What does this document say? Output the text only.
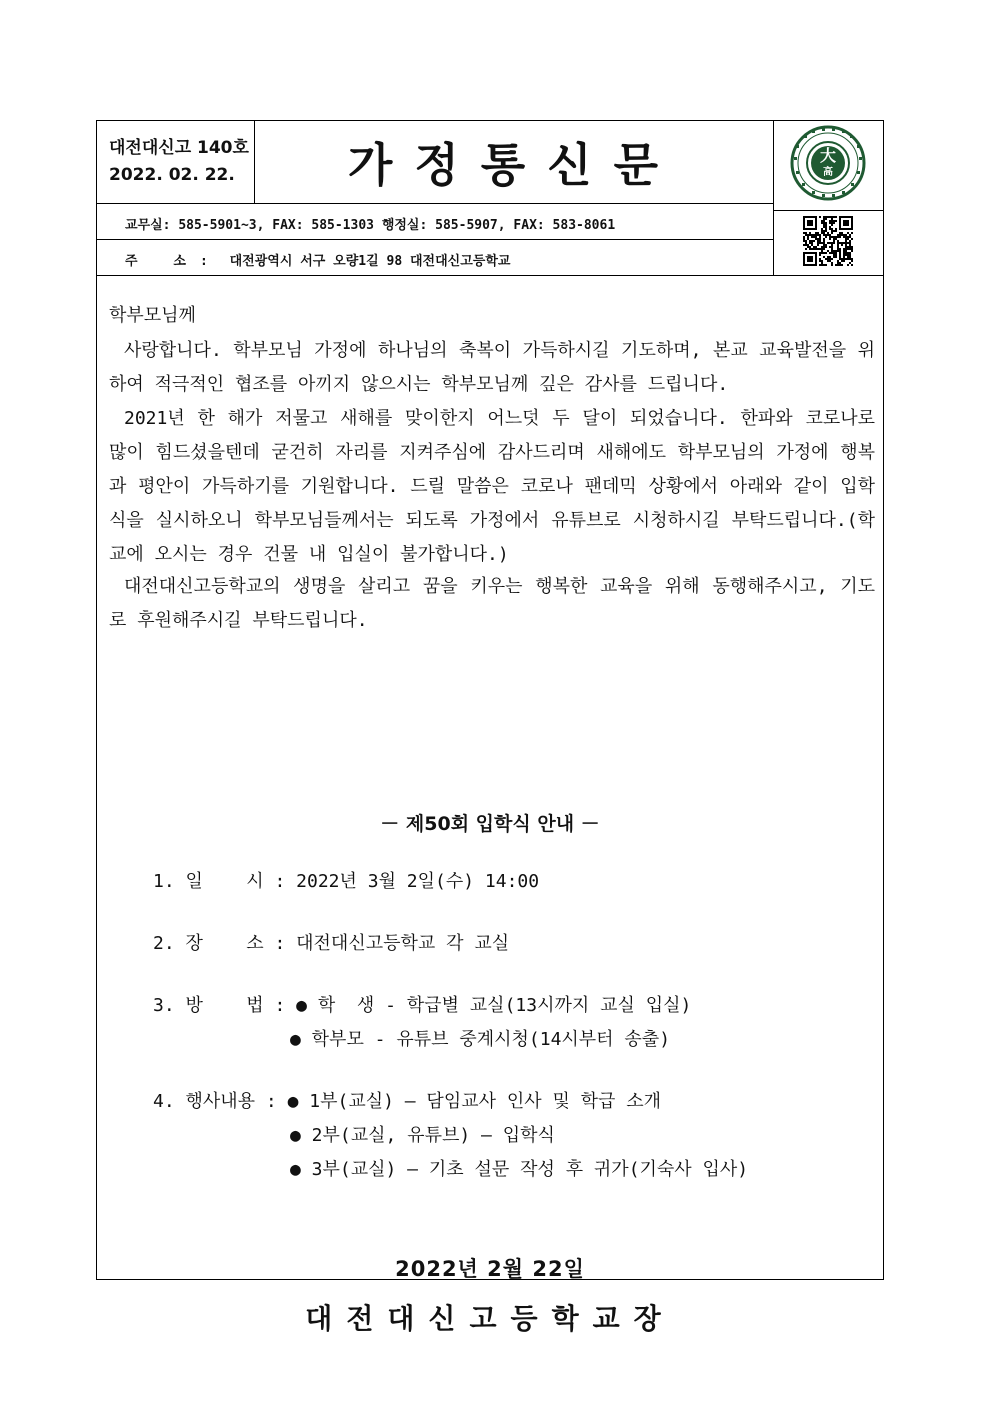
대전대신고 140호
2022. 02. 22.	가정통신문	大
高
교무실: 585-5901~3, FAX: 585-1303 행정실: 585-5907, FAX: 583-8061
주 소: 대전광역시 서구 오량1길 98 대전대신고등학교
학부모님께
사랑합니다. 학부모님 가정에 하나님의 축복이 가득하시길 기도하며, 본교 교육발전을 위하여 적극적인 협조를 아끼지 않으시는 학부모님께 깊은 감사를 드립니다.
2021년 한 해가 저물고 새해를 맞이한지 어느덧 두 달이 되었습니다. 한파와 코로나로 많이 힘드셨을텐데 굳건히 자리를 지켜주심에 감사드리며 새해에도 학부모님의 가정에 행복과 평안이 가득하기를 기원합니다. 드릴 말씀은 코로나 팬데믹 상황에서 아래와 같이 입학식을 실시하오니 학부모님들께서는 되도록 가정에서 유튜브로 시청하시길 부탁드립니다.(학교에 오시는 경우 건물 내 입실이 불가합니다.)
대전대신고등학교의 생명을 살리고 꿈을 키우는 행복한 교육을 위해 동행해주시고, 기도로 후원해주시길 부탁드립니다.
－ 제50회 입학식 안내 －
1. 일    시 : 2022년 3월 2일(수) 14:00
2. 장    소 : 대전대신고등학교 각 교실
3. 방    법 : ● 학  생 - 학급별 교실(13시까지 교실 입실)
● 학부모 - 유튜브 중계시청(14시부터 송출)
4. 행사내용 : ● 1부(교실) – 담임교사 인사 및 학급 소개
● 2부(교실, 유튜브) – 입학식
● 3부(교실) – 기초 설문 작성 후 귀가(기숙사 입사)
2022년 2월 22일
대전대신고등학교장
